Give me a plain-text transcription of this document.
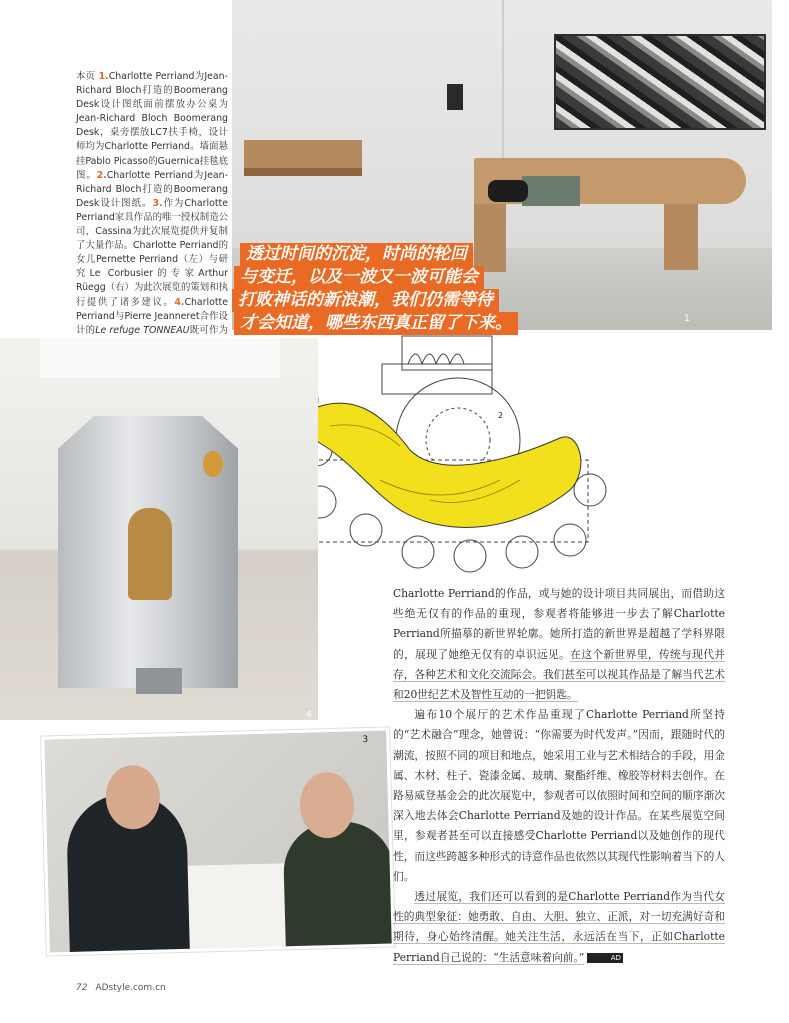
本页 1.Charlotte Perriand为Jean-Richard Bloch打造的Boomerang Desk设计图纸面前摆放办公桌为Jean-Richard Bloch Boomerang Desk，桌旁摆放LC7扶手椅，设计师均为Charlotte Perriand。墙面悬挂Pablo Picasso的Guernica挂毯底图。2.Charlotte Perriand为Jean-Richard Bloch打造的Boomerang Desk设计图纸。3.作为Charlotte Perriand家具作品的唯一授权制造公司，Cassina为此次展览提供并复制了大量作品。Charlotte Perriand的女儿Pernette Perriand（左）与研究Le Corbusier的专家Arthur Rüegg（右）为此次展览的策划和执行提供了诸多建议。4.Charlotte Perriand与Pierre Jeanneret合作设计的Le refuge TONNEAU既可作为
1
透过时间的沉淀，时尚的轮回
与变迁，以及一波又一波可能会
打败神话的新浪潮，我们仍需等待
才会知道，哪些东西真正留了下来。
2
4
3

Charlotte Perriand的作品，或与她的设计项目共同展出，而借助这些绝无仅有的作品的重现，参观者将能够进一步去了解Charlotte Perriand所描摹的新世界轮廓。她所打造的新世界是超越了学科界限的，展现了她绝无仅有的卓识远见。在这个新世界里，传统与现代并存，各种艺术和文化交流际会。我们甚至可以视其作品是了解当代艺术和20世纪艺术及智性互动的一把钥匙。

遍布10个展厅的艺术作品重现了Charlotte Perriand所坚持的“艺术融合”理念，她曾说：“你需要为时代发声。”因而，跟随时代的潮流，按照不同的项目和地点，她采用工业与艺术相结合的手段，用金属、木材、柱子、瓷漆金属、玻璃、聚酯纤维、橡胶等材料去创作。在路易威登基金会的此次展览中，参观者可以依照时间和空间的顺序渐次深入地去体会Charlotte Perriand及她的设计作品。在某些展览空间里，参观者甚至可以直接感受Charlotte Perriand以及她创作的现代性，而这些跨越多种形式的诗意作品也依然以其现代性影响着当下的人们。

透过展览，我们还可以看到的是Charlotte Perriand作为当代女性的典型象征：她勇敢、自由、大胆、独立、正派，对一切充满好奇和期待，身心始终清醒。她关注生活，永远活在当下，正如Charlotte Perriand自己说的：“生活意味着向前。”	AD

72 ADstyle.com.cn
